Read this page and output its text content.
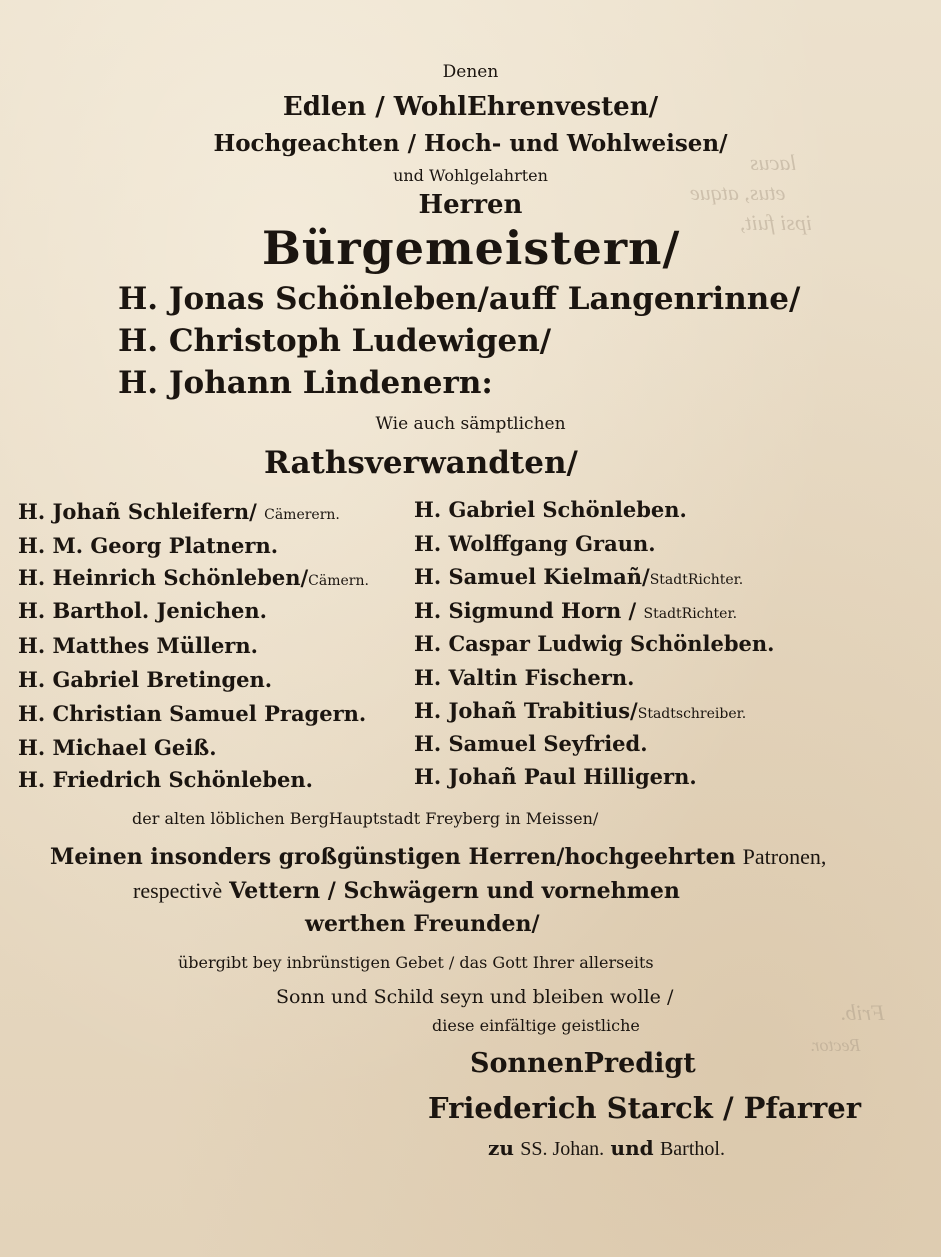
lacus
etus, atque
ipsi fuit,
Frib.
Rector.
Denen
Edlen / WohlEhrenvesten/
Hochgeachten / Hoch- und Wohlweisen/
und Wohlgelahrten
Herren
Bürgemeistern/
H. Jonas Schönleben/auff Langenrinne/
H. Christoph Ludewigen/
H. Johann Lindenern:
Wie auch sämptlichen
Rathsverwandten/
H. Johañ Schleifern/ Cämerern.
H. M. Georg Platnern.
H. Heinrich Schönleben/Cämern.
H. Barthol. Jenichen.
H. Matthes Müllern.
H. Gabriel Bretingen.
H. Christian Samuel Pragern.
H. Michael Geiß.
H. Friedrich Schönleben.
H. Gabriel Schönleben.
H. Wolffgang Graun.
H. Samuel Kielmañ/StadtRichter.
H. Sigmund Horn / StadtRichter.
H. Caspar Ludwig Schönleben.
H. Valtin Fischern.
H. Johañ Trabitius/Stadtschreiber.
H. Samuel Seyfried.
H. Johañ Paul Hilligern.
der alten löblichen BergHauptstadt Freyberg in Meissen/
Meinen insonders großgünstigen Herren/hochgeehrten Patronen,
respectivè Vettern / Schwägern und vornehmen
werthen Freunden/
übergibt bey inbrünstigen Gebet / das Gott Ihrer allerseits
Sonn und Schild seyn und bleiben wolle /
diese einfältige geistliche
SonnenPredigt
Friederich Starck / Pfarrer
zu SS. Johan. und Barthol.
